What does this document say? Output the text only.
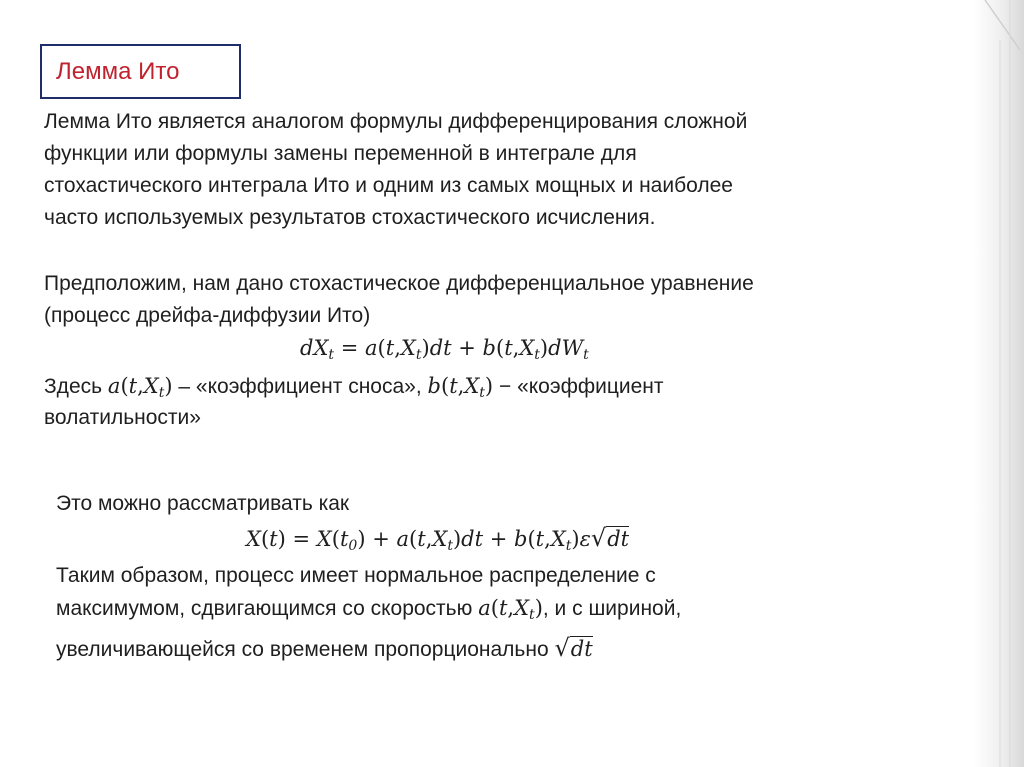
Лемма Ито
Лемма Ито является аналогом формулы дифференцирования сложной
функции или формулы замены переменной в интеграле для
стохастического интеграла Ито и одним из самых мощных и наиболее
часто используемых результатов стохастического исчисления.
Предположим, нам дано стохастическое дифференциальное уравнение
(процесс дрейфа-диффузии Ито)
$dX_t = a(t,X_t)dt + b(t,X_t)dW_t$
Здесь $a(t,X_t)$ – «коэффициент сноса», $b(t,X_t)$ − «коэффициент
волатильности»
Это можно рассматривать как
$X(t) = X(t_0) + a(t,X_t)dt + b(t,X_t)\varepsilon√dt$
Таким образом, процесс имеет нормальное распределение с
максимумом, сдвигающимся со скоростью $a(t,X_t)$, и с шириной,
увеличивающейся со временем пропорционально √dt
